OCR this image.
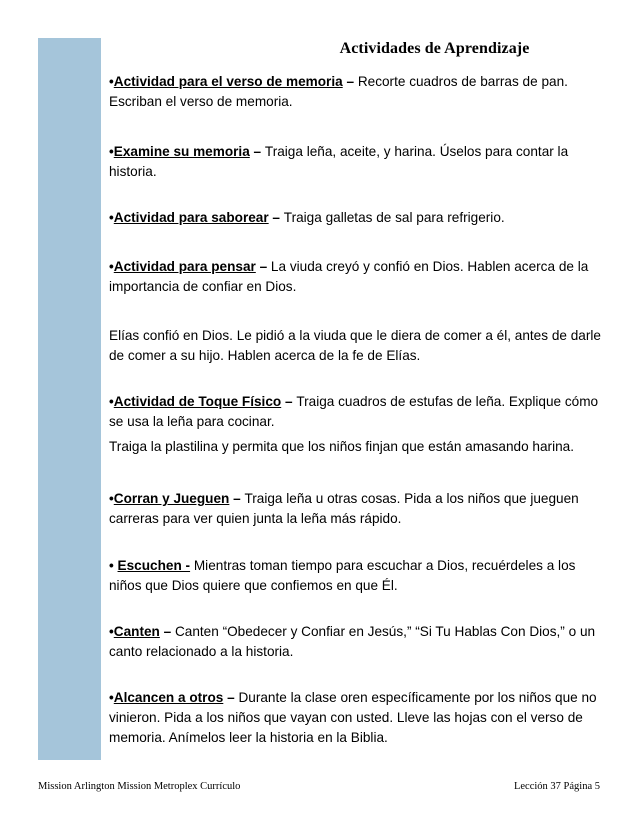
Actividades de Aprendizaje

•Actividad para el verso de memoria – Recorte cuadros de barras de pan. Escriban el verso de memoria.

•Examine su memoria – Traiga leña, aceite, y harina. Úselos para contar la historia.

•Actividad para saborear – Traiga galletas de sal para refrigerio.

•Actividad para pensar – La viuda creyó y confió en Dios. Hablen acerca de la importancia de confiar en Dios.

Elías confió en Dios. Le pidió a la viuda que le diera de comer a él, antes de darle de comer a su hijo. Hablen acerca de la fe de Elías.

•Actividad de Toque Físico – Traiga cuadros de estufas de leña. Explique cómo se usa la leña para cocinar.

Traiga la plastilina y permita que los niños finjan que están amasando harina.

•Corran y Jueguen – Traiga leña u otras cosas. Pida a los niños que jueguen carreras para ver quien junta la leña más rápido.

• Escuchen - Mientras toman tiempo para escuchar a Dios, recuérdeles a los niños que Dios quiere que confiemos en que Él.

•Canten – Canten “Obedecer y Confiar en Jesús,” “Si Tu Hablas Con Dios,” o un canto relacionado a la historia.

•Alcancen a otros – Durante la clase oren específicamente por los niños que no vinieron. Pida a los niños que vayan con usted. Lleve las hojas con el verso de memoria. Anímelos leer la historia en la Biblia.

Mission Arlington Mission Metroplex Currículo	Lección 37 Página 5
